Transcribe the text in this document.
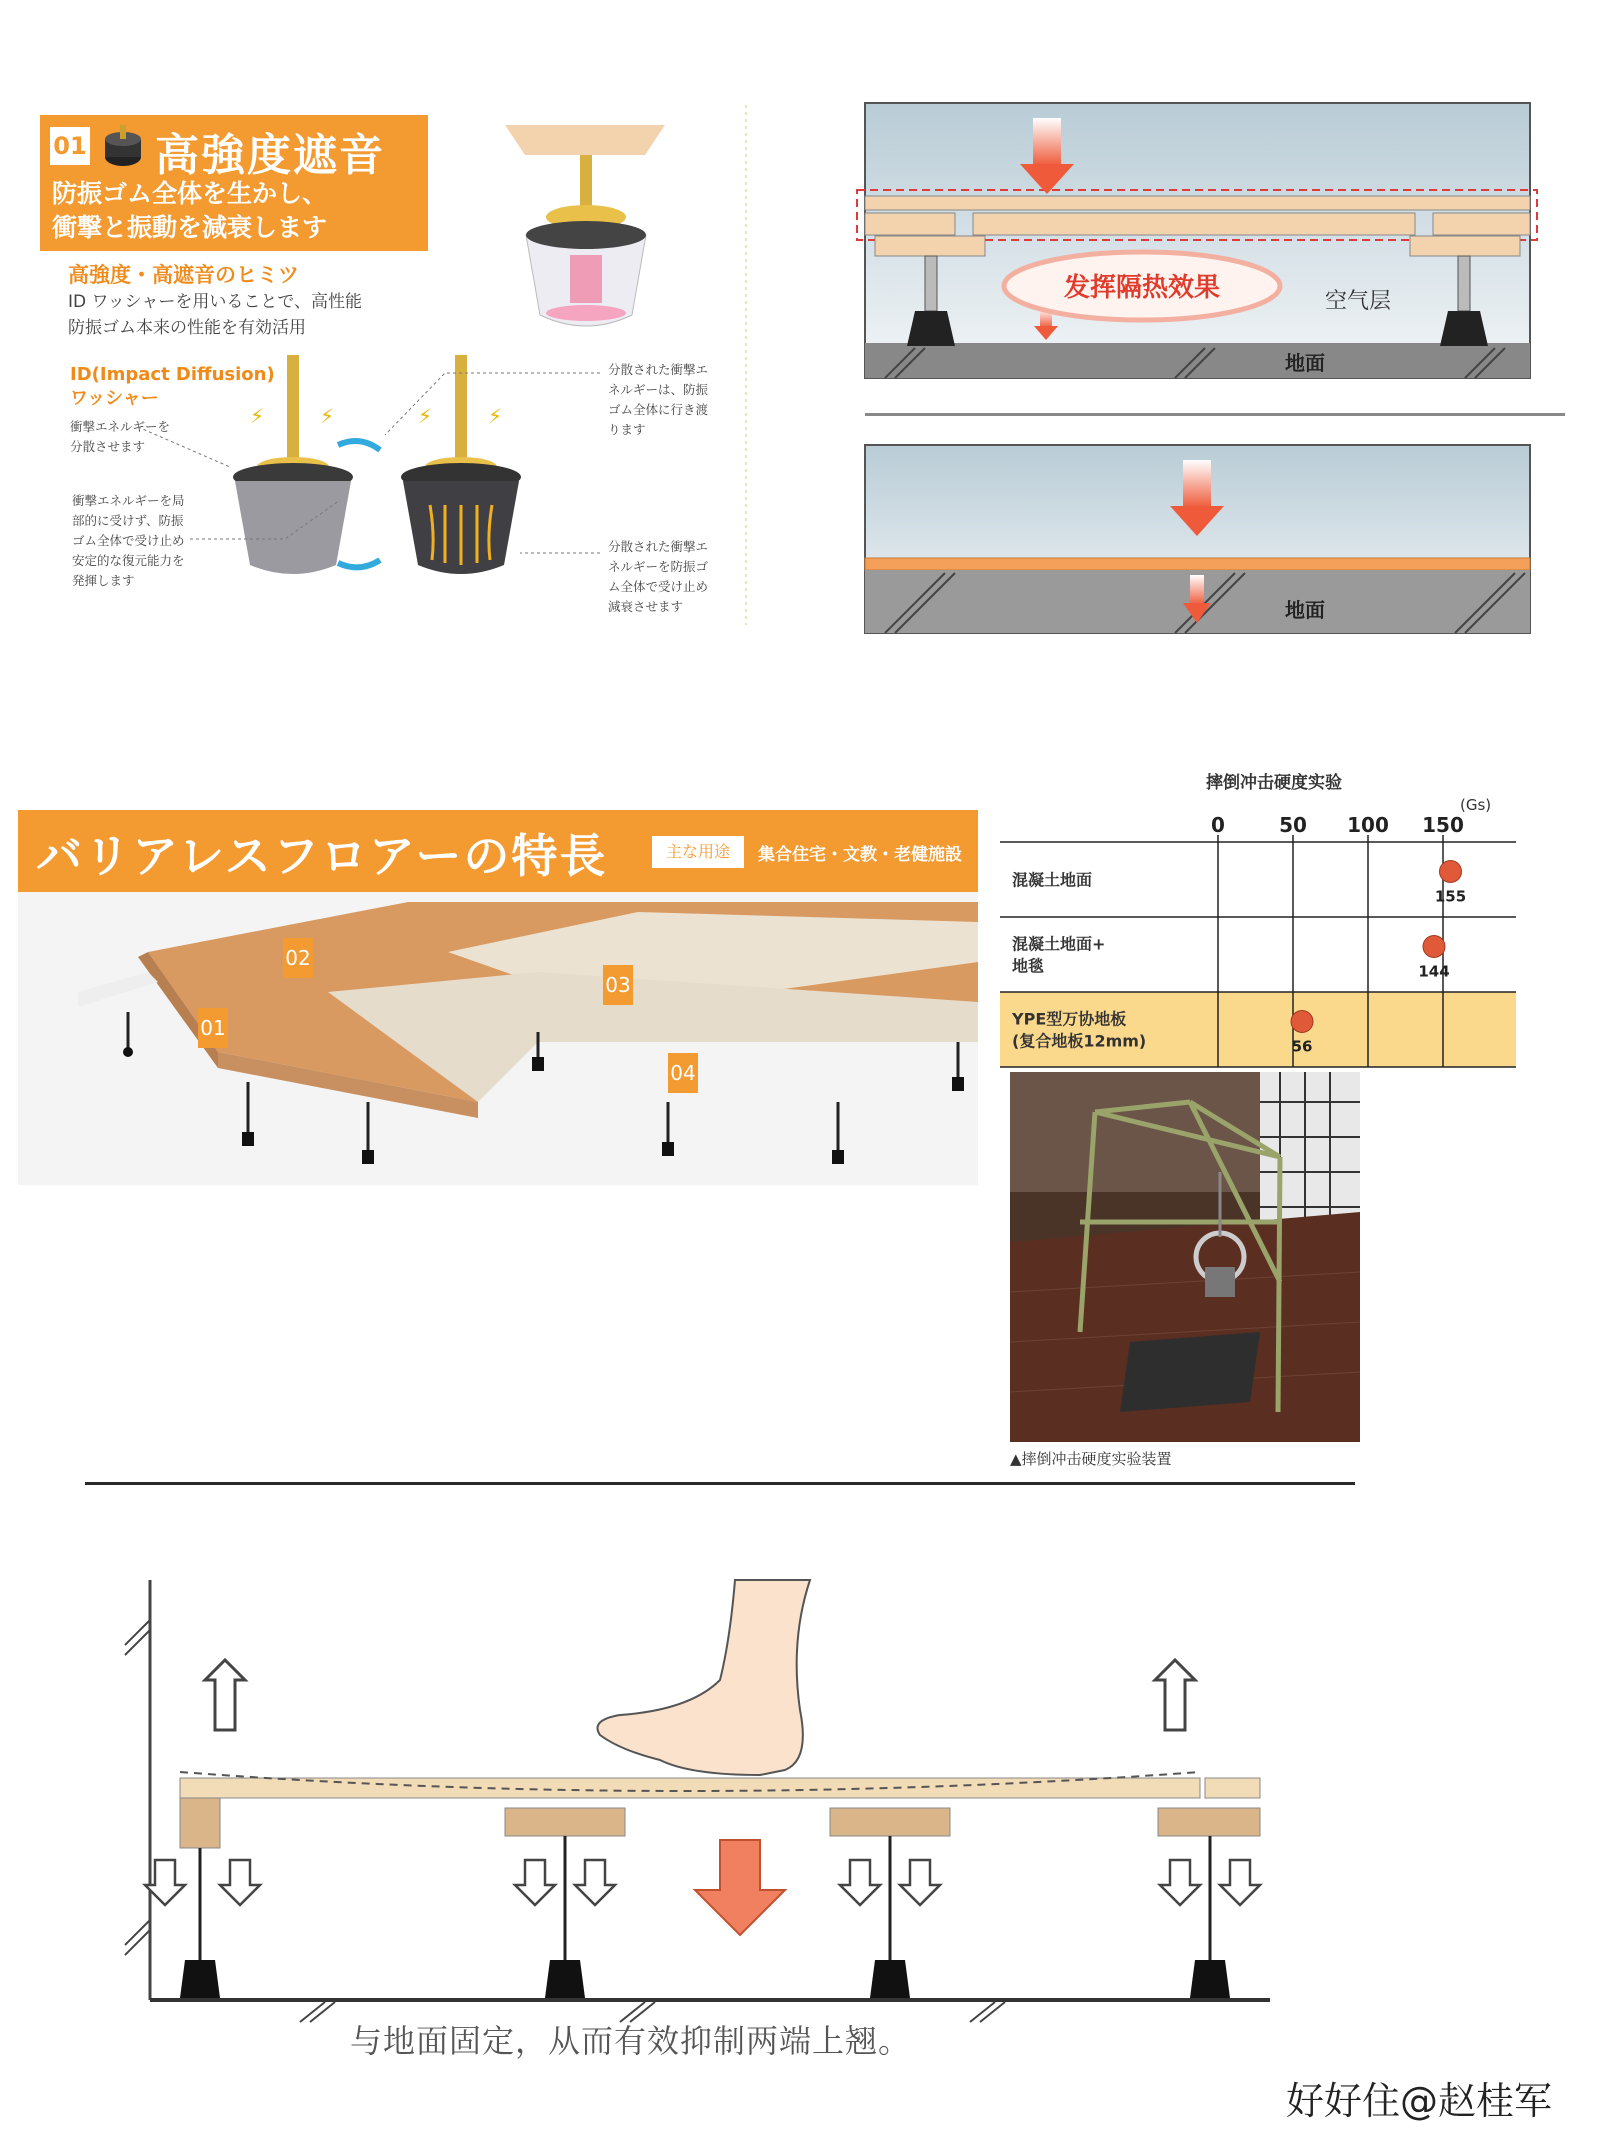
01 高強度遮音
防振ゴム全体を生かし、
衝撃と振動を減衰します
高強度・高遮音のヒミツ
ID ワッシャーを用いることで、高性能
防振ゴム本来の性能を有効活用
ID(Impact Diffusion)
ワッシャー
衝撃エネルギーを
分散させます
衝撃エネルギーを局
部的に受けず、防振
ゴム全体で受け止め
安定的な復元能力を
発揮します
分散された衝撃エ
ネルギーは、防振
ゴム全体に行き渡
ります
分散された衝撃エ
ネルギーを防振ゴ
ム全体で受け止め
減衰させます
⚡	⚡	⚡	⚡
发挥隔热效果	空气层
地面
地面
バリアレスフロアーの特長	主な用途	集合住宅・文教・老健施設
02
01
03
04
摔倒冲击硬度实验
(Gs)
0	50 100 150
混凝土地面
155
混凝土地面+
地毯	144
YPE型万协地板
(复合地板12mm)	56
▲摔倒冲击硬度实验装置
与地面固定，从而有效抑制两端上翘。
好好住@赵桂军
